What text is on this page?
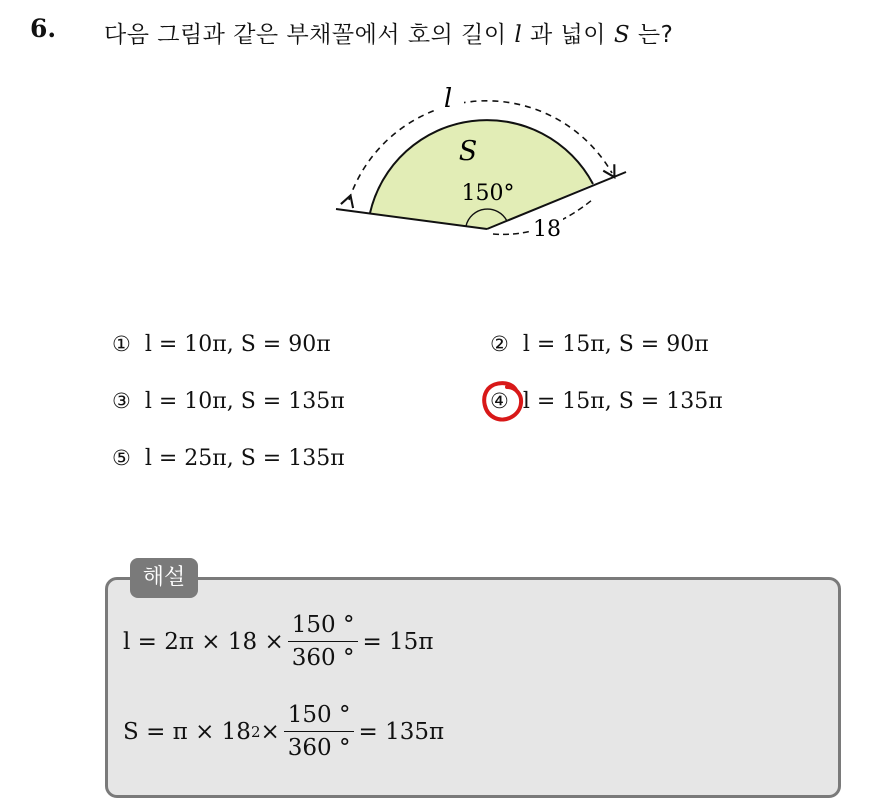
6. 다음 그림과 같은 부채꼴에서 호의 길이 l 과 넓이 S 는?
l
S
150°
18
① l = 10π, S = 90π	② l = 15π, S = 90π
③ l = 10π, S = 135π	④ l = 15π, S = 135π
⑤ l = 25π, S = 135π
해설
$l = 2\pi \times 18 \times \frac{150 ^\circ}{360 ^\circ} = 15\pi$
S = π × 18 $2 \times \frac{150 ^\circ}{360 ^\circ} = 135\pi$
